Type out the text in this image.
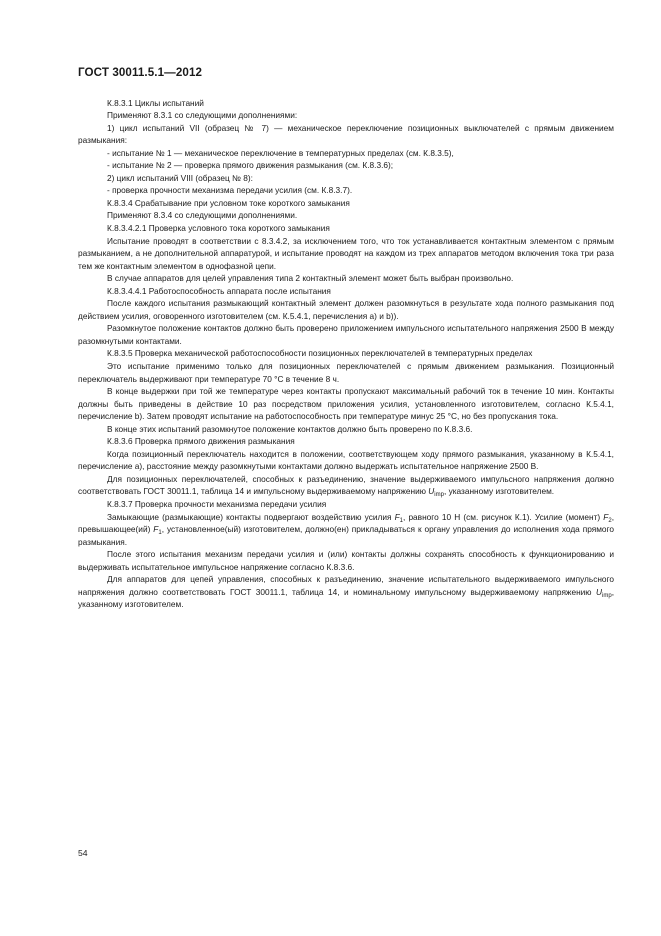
ГОСТ 30011.5.1—2012

К.8.3.1 Циклы испытаний

Применяют 8.3.1 со следующими дополнениями:

1) цикл испытаний VII (образец № 7) — механическое переключение позиционных выключателей с прямым движением размыкания:

- испытание № 1 — механическое переключение в температурных пределах (см. К.8.3.5),

- испытание № 2 — проверка прямого движения размыкания (см. К.8.3.6);

2) цикл испытаний VIII (образец № 8):

- проверка прочности механизма передачи усилия (см. К.8.3.7).

К.8.3.4 Срабатывание при условном токе короткого замыкания

Применяют 8.3.4 со следующими дополнениями.

К.8.3.4.2.1 Проверка условного тока короткого замыкания

Испытание проводят в соответствии с 8.3.4.2, за исключением того, что ток устанавливается контактным элементом с прямым размыканием, а не дополнительной аппаратурой, и испытание проводят на каждом из трех аппаратов методом включения тока три раза тем же контактным элементом в однофазной цепи.

В случае аппаратов для целей управления типа 2 контактный элемент может быть выбран произвольно.

К.8.3.4.4.1 Работоспособность аппарата после испытания

После каждого испытания размыкающий контактный элемент должен разомкнуться в результате хода полного размыкания под действием усилия, оговоренного изготовителем (см. К.5.4.1, перечисления a) и b)).

Разомкнутое положение контактов должно быть проверено приложением импульсного испытательного напряжения 2500 В между разомкнутыми контактами.

К.8.3.5 Проверка механической работоспособности позиционных переключателей в температурных пределах

Это испытание применимо только для позиционных переключателей с прямым движением размыкания. Позиционный переключатель выдерживают при температуре 70 °С в течение 8 ч.

В конце выдержки при той же температуре через контакты пропускают максимальный рабочий ток в течение 10 мин. Контакты должны быть приведены в действие 10 раз посредством приложения усилия, установленного изготовителем, согласно К.5.4.1, перечисление b). Затем проводят испытание на работоспособность при температуре минус 25 °С, но без пропускания тока.

В конце этих испытаний разомкнутое положение контактов должно быть проверено по К.8.3.6.

К.8.3.6 Проверка прямого движения размыкания

Когда позиционный переключатель находится в положении, соответствующем ходу прямого размыкания, указанному в К.5.4.1, перечисление а), расстояние между разомкнутыми контактами должно выдержать испытательное напряжение 2500 В.

Для позиционных переключателей, способных к разъединению, значение выдерживаемого импульсного напряжения должно соответствовать ГОСТ 30011.1, таблица 14 и импульсному выдерживаемому напряжению $U_{imp}$, указанному изготовителем.

К.8.3.7 Проверка прочности механизма передачи усилия

Замыкающие (размыкающие) контакты подвергают воздействию усилия $F_1$, равного 10 Н (см. рисунок К.1). Усилие (момент) $F_2$, превышающее(ий) $F_1$, установленное(ый) изготовителем, должно(ен) прикладываться к органу управления до исполнения хода прямого размыкания.

После этого испытания механизм передачи усилия и (или) контакты должны сохранять способность к функционированию и выдерживать испытательное импульсное напряжение согласно К.8.3.6.

Для аппаратов для цепей управления, способных к разъединению, значение испытательного выдерживаемого импульсного напряжения должно соответствовать ГОСТ 30011.1, таблица 14, и номинальному импульсному выдерживаемому напряжению $U_{imp}$, указанному изготовителем.

54
